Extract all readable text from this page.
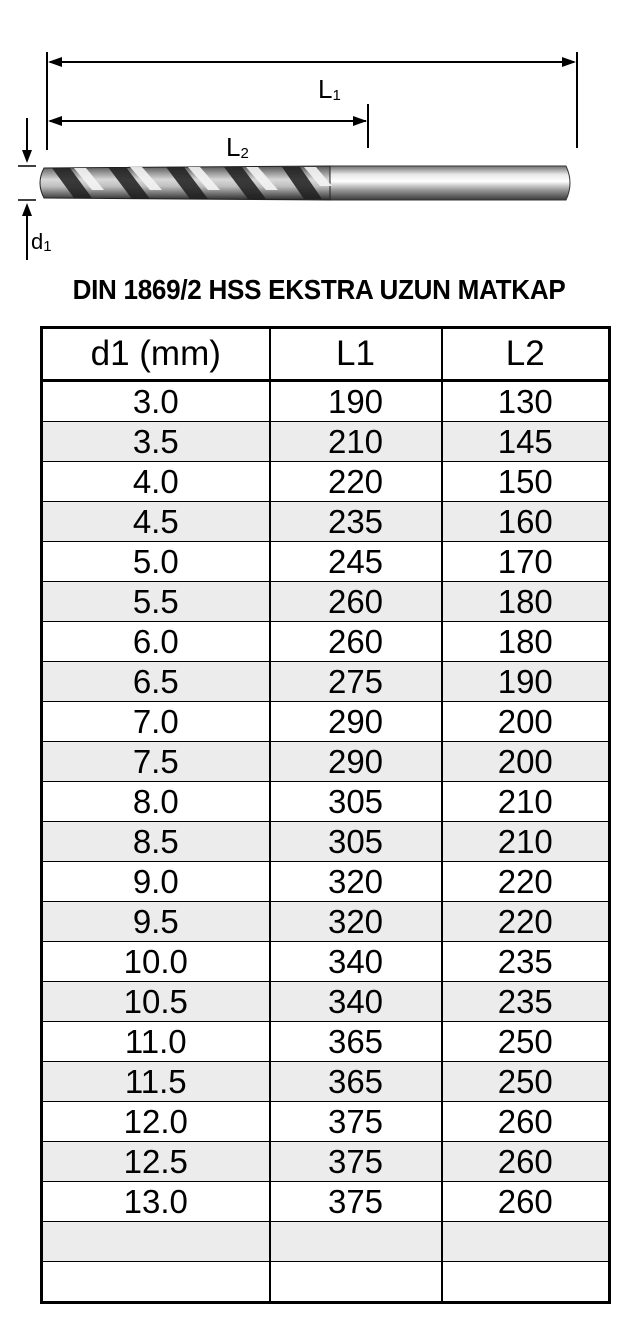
$L_1$
$L_2$
$d_1$
DIN 1869/2 HSS EKSTRA UZUN MATKAP
d1 (mm)	L1	L2
3.0	190	130
3.5	210	145
4.0	220	150
4.5	235	160
5.0	245	170
5.5	260	180
6.0	260	180
6.5	275	190
7.0	290	200
7.5	290	200
8.0	305	210
8.5	305	210
9.0	320	220
9.5	320	220
10.0	340	235
10.5	340	235
11.0	365	250
11.5	365	250
12.0	375	260
12.5	375	260
13.0	375	260
